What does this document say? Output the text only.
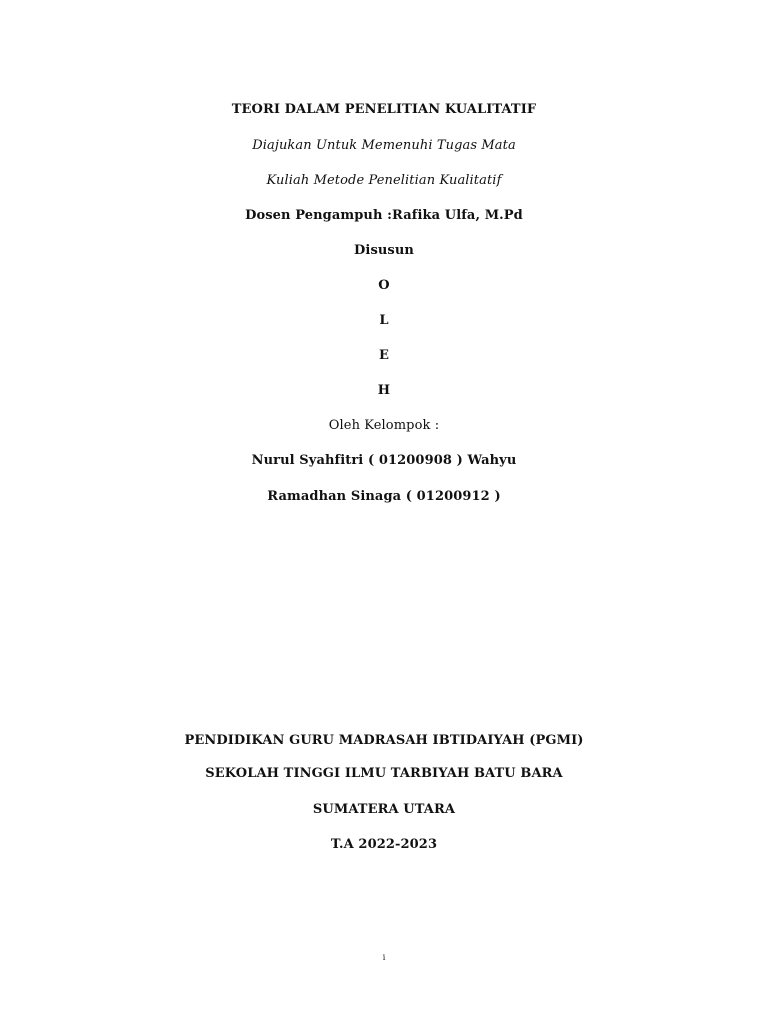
TEORI DALAM PENELITIAN KUALITATIF
Diajukan Untuk Memenuhi Tugas Mata
Kuliah Metode Penelitian Kualitatif
Dosen Pengampuh :Rafika Ulfa, M.Pd
Disusun
O
L
E
H
Oleh Kelompok :
Nurul Syahfitri ( 01200908 ) Wahyu
Ramadhan Sinaga ( 01200912 )
PENDIDIKAN GURU MADRASAH IBTIDAIYAH (PGMI)
SEKOLAH TINGGI ILMU TARBIYAH BATU BARA
SUMATERA UTARA
T.A 2022-2023
i
